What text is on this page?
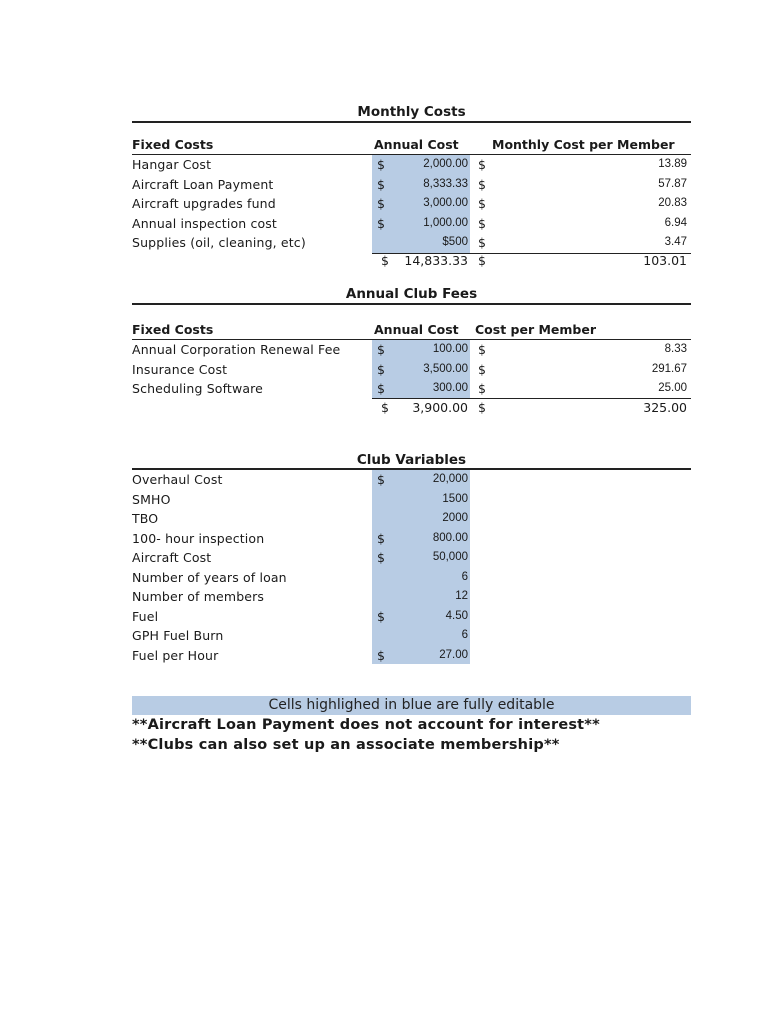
Monthly Costs
Fixed Costs	Annual Cost	Monthly Cost per Member
Hangar Cost	$	2,000.00 $	13.89
Aircraft Loan Payment	$	8,333.33 $	57.87
Aircraft upgrades fund	$	3,000.00 $	20.83
Annual inspection cost	$	1,000.00 $	6.94
Supplies (oil, cleaning, etc)	$500 $	3.47
$	14,833.33 $	103.01
Annual Club Fees
Fixed Costs	Annual Cost Cost per Member
Annual Corporation Renewal Fee	$	100.00 $	8.33
Insurance Cost	$	3,500.00 $	291.67
Scheduling Software	$	300.00 $	25.00
$	3,900.00 $	325.00
Club Variables
Overhaul Cost	$	20,000
SMHO	1500
TBO	2000
100- hour inspection	$	800.00
Aircraft Cost	$	50,000
Number of years of loan	6
Number of members	12
Fuel	$	4.50
GPH Fuel Burn	6
Fuel per Hour	$	27.00
Cells highlighed in blue are fully editable
**Aircraft Loan Payment does not account for interest**
**Clubs can also set up an associate membership**
